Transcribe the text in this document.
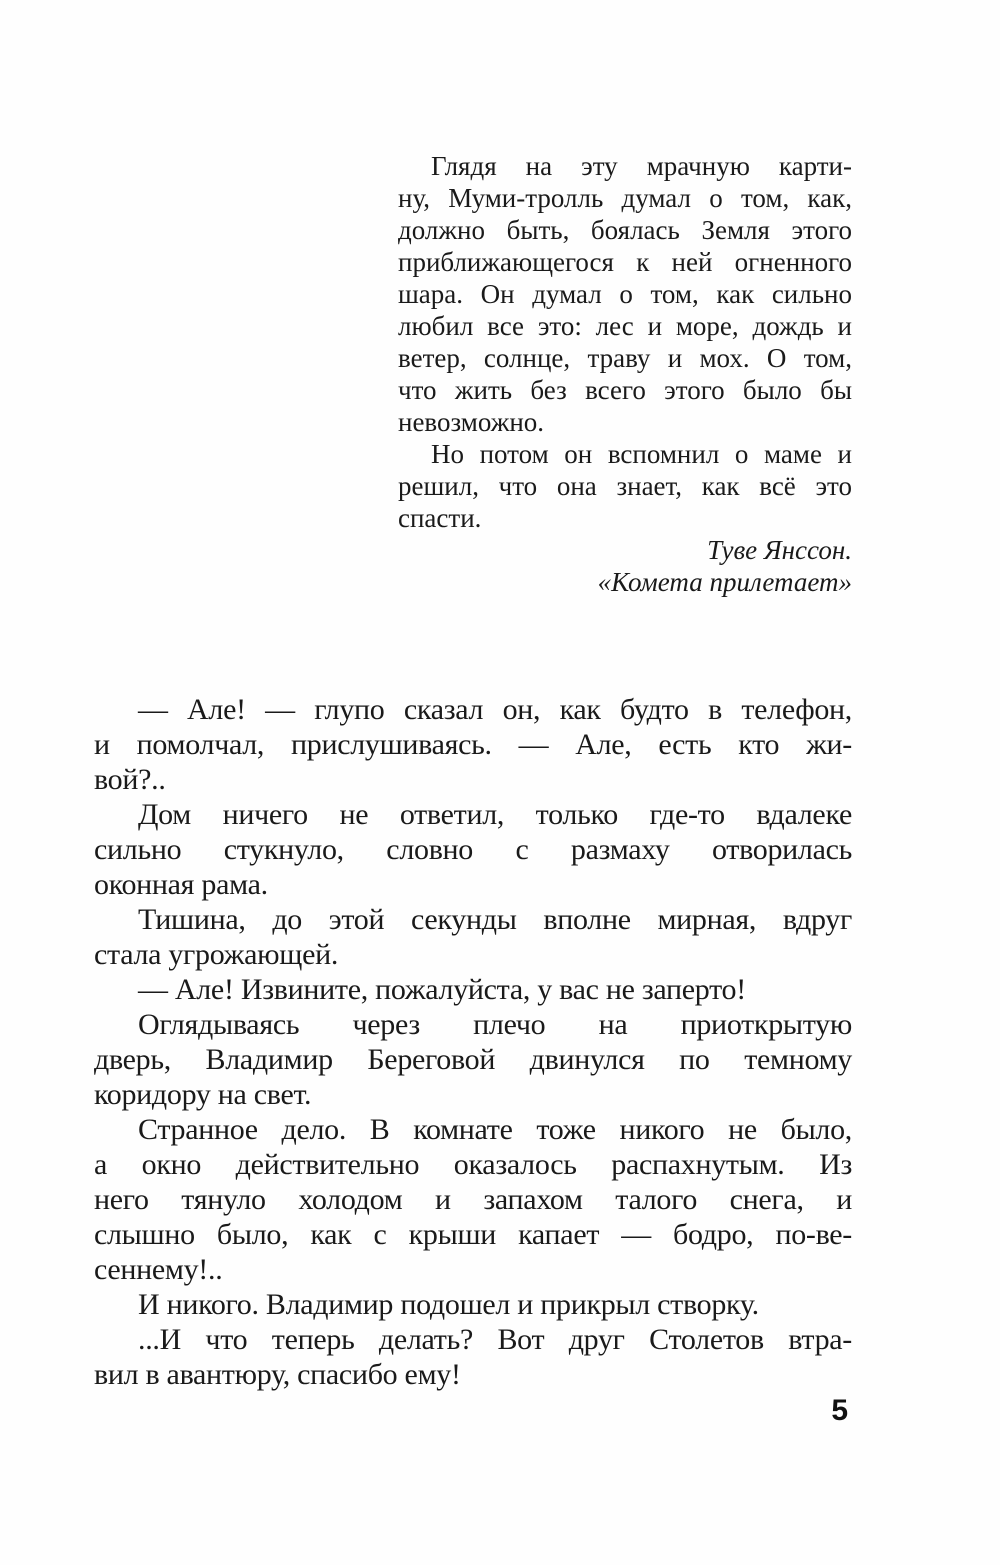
Глядя на эту мрачную карти-
ну, Муми-тролль думал о том, как,
должно быть, боялась Земля этого
приближающегося к ней огненного
шара. Он думал о том, как сильно
любил все это: лес и море, дождь и
ветер, солнце, траву и мох. О том,
что жить без всего этого было бы
невозможно.
Но потом он вспомнил о маме и
решил, что она знает, как всё это
спасти.
Туве Янссон.
«Комета прилетает»
— Але! — глупо сказал он, как будто в телефон,
и помолчал, прислушиваясь. — Але, есть кто жи-
вой?..
Дом ничего не ответил, только где-то вдалеке
сильно стукнуло, словно с размаху отворилась
оконная рама.
Тишина, до этой секунды вполне мирная, вдруг
стала угрожающей.
— Але! Извините, пожалуйста, у вас не заперто!
Оглядываясь через плечо на приоткрытую
дверь, Владимир Береговой двинулся по темному
коридору на свет.
Странное дело. В комнате тоже никого не было,
а окно действительно оказалось распахнутым. Из
него тянуло холодом и запахом талого снега, и
слышно было, как с крыши капает — бодро, по-ве-
сеннему!..
И никого. Владимир подошел и прикрыл створку.
...И что теперь делать? Вот друг Столетов втра-
вил в авантюру, спасибо ему!
5
